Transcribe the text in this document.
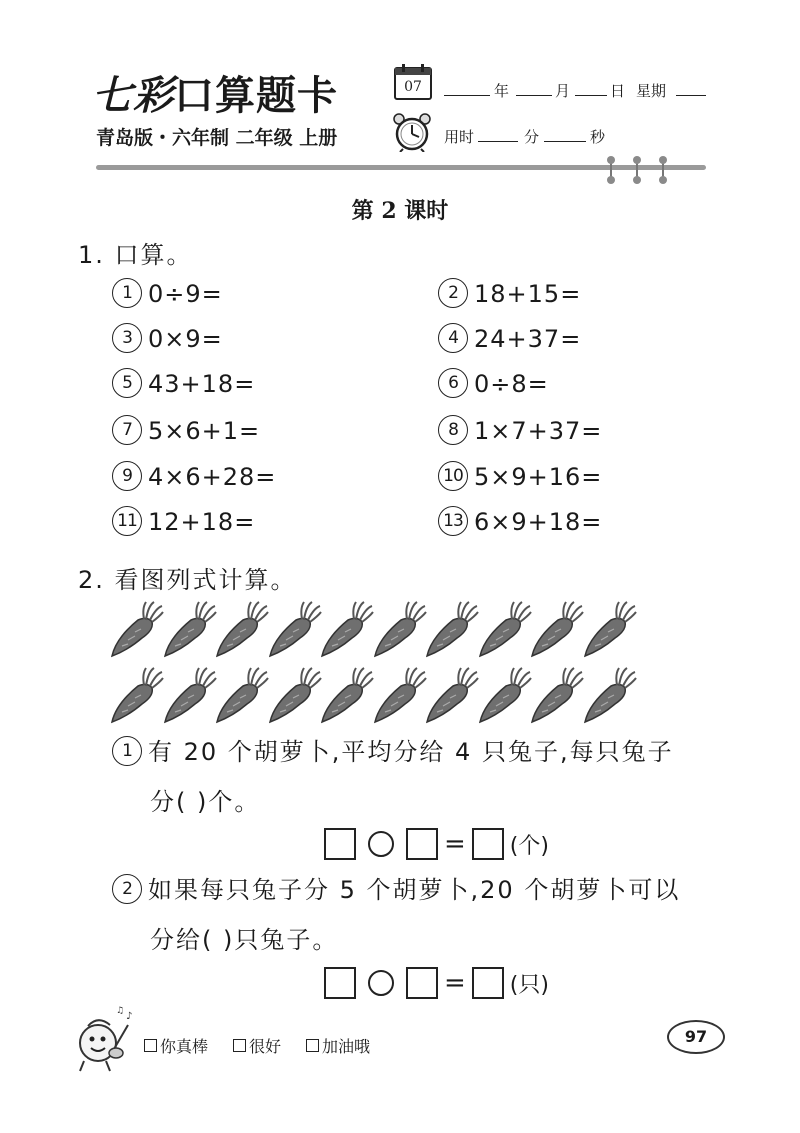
七彩口算题卡
青岛版・六年制 二年级 上册
07	年	月	日 星期
用时	分	秒
第 2 课时
1. 口算。
1 0÷9=	2 18+15=
3 0×9=	4 24+37=
5 43+18=	6 0÷8=
7 5×6+1=	8 1×7+37=
9 4×6+28=	10 5×9+16=
11 12+18=	13 6×9+18=
2. 看图列式计算。
1 有 20 个胡萝卜,平均分给 4 只兔子,每只兔子
分( )个。
= (个)
2 如果每只兔子分 5 个胡萝卜,20 个胡萝卜可以
分给( )只兔子。
= (只)
♪
♫
你真棒	很好	加油哦
97
